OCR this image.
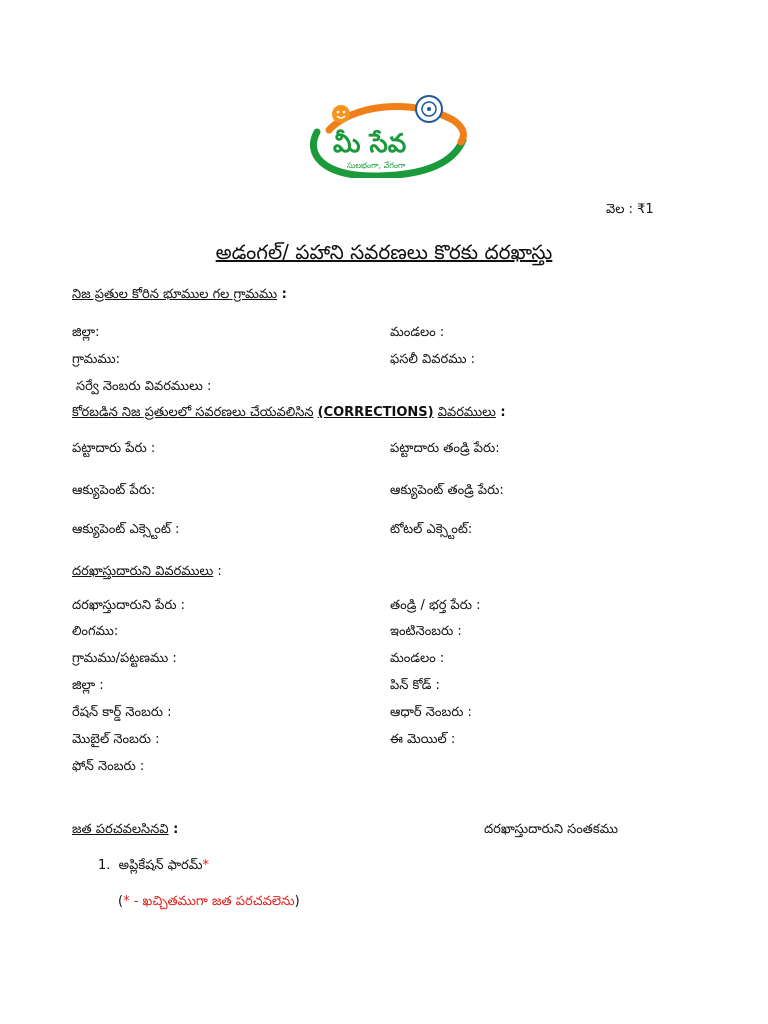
మీ సేవ
సులభంగా, వేగంగా
వెల : ₹1
అడంగల్/ పహాని సవరణలు కొరకు దరఖాస్తు
నిజ ప్రతుల కోరిన భూముల గల గ్రామము :
జిల్లా:	మండలం :
గ్రామము:	ఫసలీ వివరము :
సర్వే నెంబరు వివరములు :
కోరబడిన నిజ ప్రతులలో సవరణలు చేయవలిసిన (CORRECTIONS) వివరములు :
పట్టాదారు పేరు :	పట్టాదారు తండ్రి పేరు:
ఆక్యుపెంట్ పేరు:	ఆక్యుపెంట్ తండ్రి పేరు:
ఆక్యుపెంట్ ఎక్స్టెంట్ :	టోటల్ ఎక్స్టెంట్:
దరఖాస్తుదారుని వివరములు :
దరఖాస్తుదారుని పేరు :	తండ్రి / భర్త పేరు :
లింగము:	ఇంటినెంబరు :
గ్రామము/పట్టణము :	మండలం :
జిల్లా :	పిన్ కోడ్ :
రేషన్ కార్డ్ నెంబరు :	ఆధార్ నెంబరు :
మొబైల్ నెంబరు :	ఈ మెయిల్ :
ఫోన్ నెంబరు :
జత పరచవలసినవి :	దరఖాస్తుదారుని సంతకము
1. అప్లికేషన్ ఫారమ్*
(* - ఖచ్చితముగా జత పరచవలెను)
